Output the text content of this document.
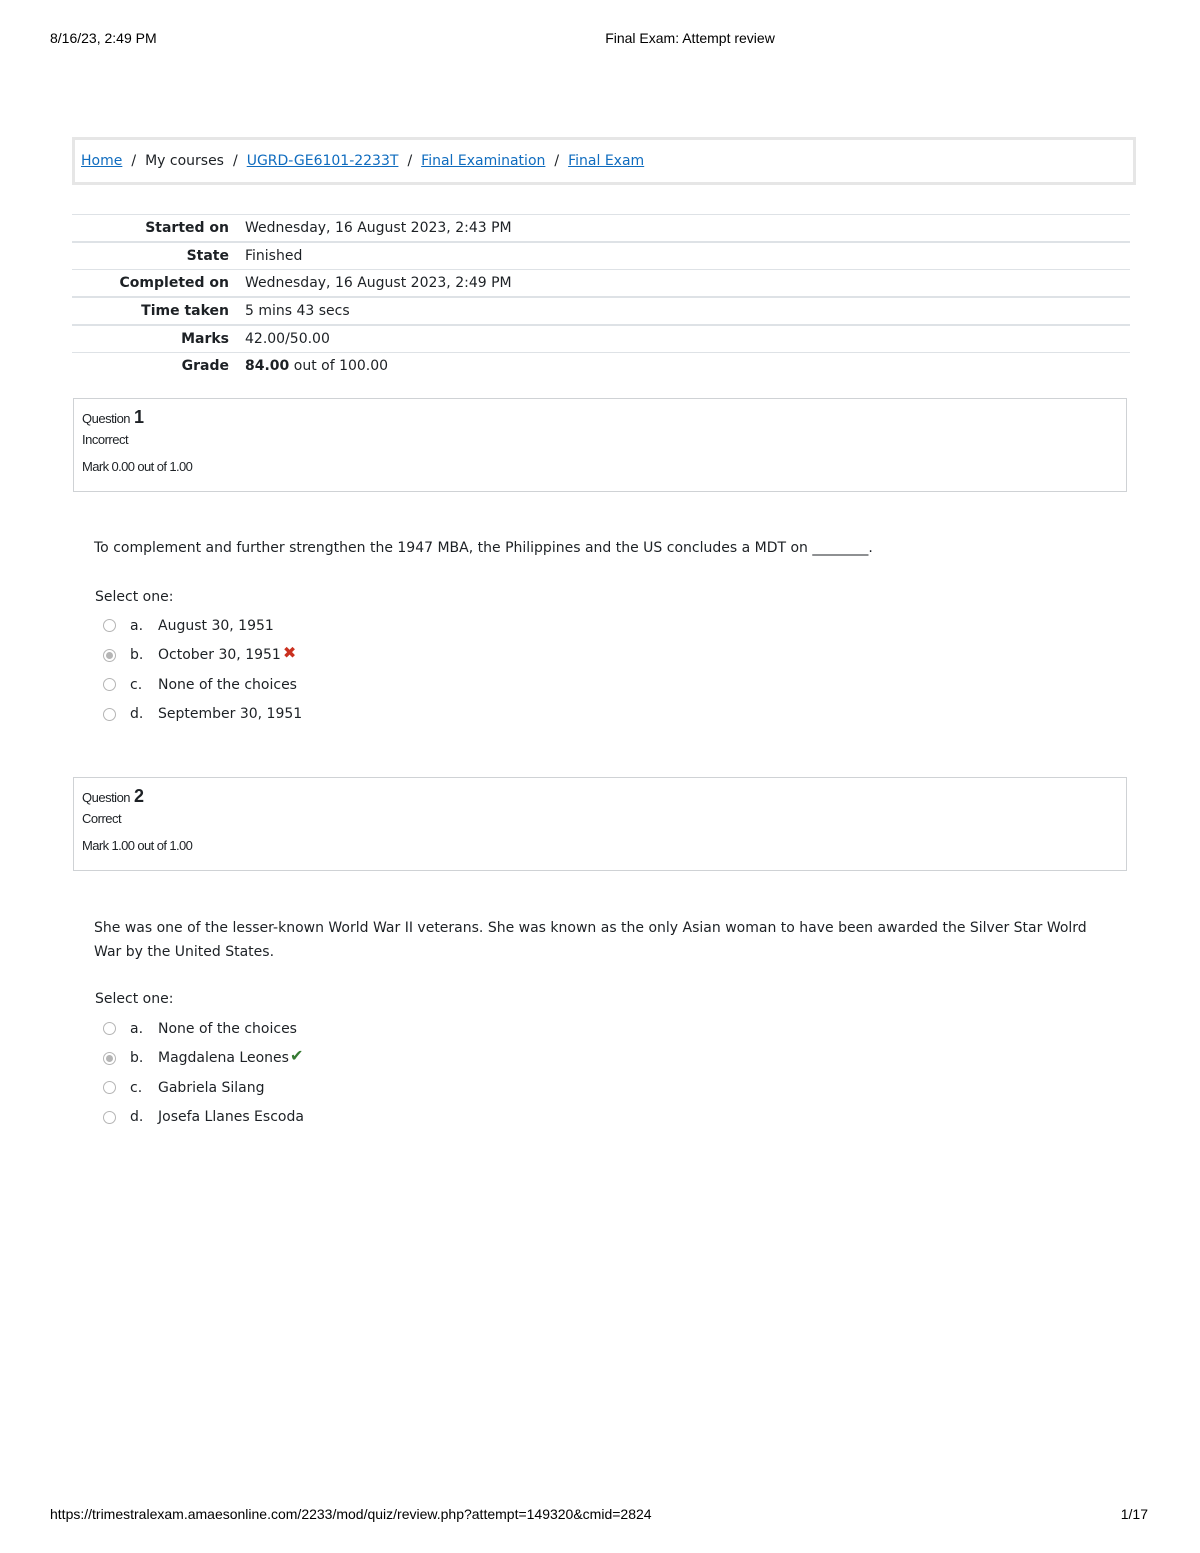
8/16/23, 2:49 PM	Final Exam: Attempt review
Home / My courses / UGRD-GE6101-2233T / Final Examination / Final Exam
Started on	Wednesday, 16 August 2023, 2:43 PM
State	Finished
Completed on	Wednesday, 16 August 2023, 2:49 PM
Time taken	5 mins 43 secs
Marks	42.00/50.00
Grade	84.00 out of 100.00
Question 1
Incorrect
Mark 0.00 out of 1.00
To complement and further strengthen the 1947 MBA, the Philippines and the US concludes a MDT on ________.
Select one:
a.	August 30, 1951
b.	October 30, 1951 ✖
c.	None of the choices
d.	September 30, 1951
Question 2
Correct
Mark 1.00 out of 1.00
She was one of the lesser-known World War II veterans. She was known as the only Asian woman to have been awarded the Silver Star Wolrd War by the United States.
Select one:
a.	None of the choices
b.	Magdalena Leones ✔
c.	Gabriela Silang
d.	Josefa Llanes Escoda
https://trimestralexam.amaesonline.com/2233/mod/quiz/review.php?attempt=149320&cmid=2824	1/17
